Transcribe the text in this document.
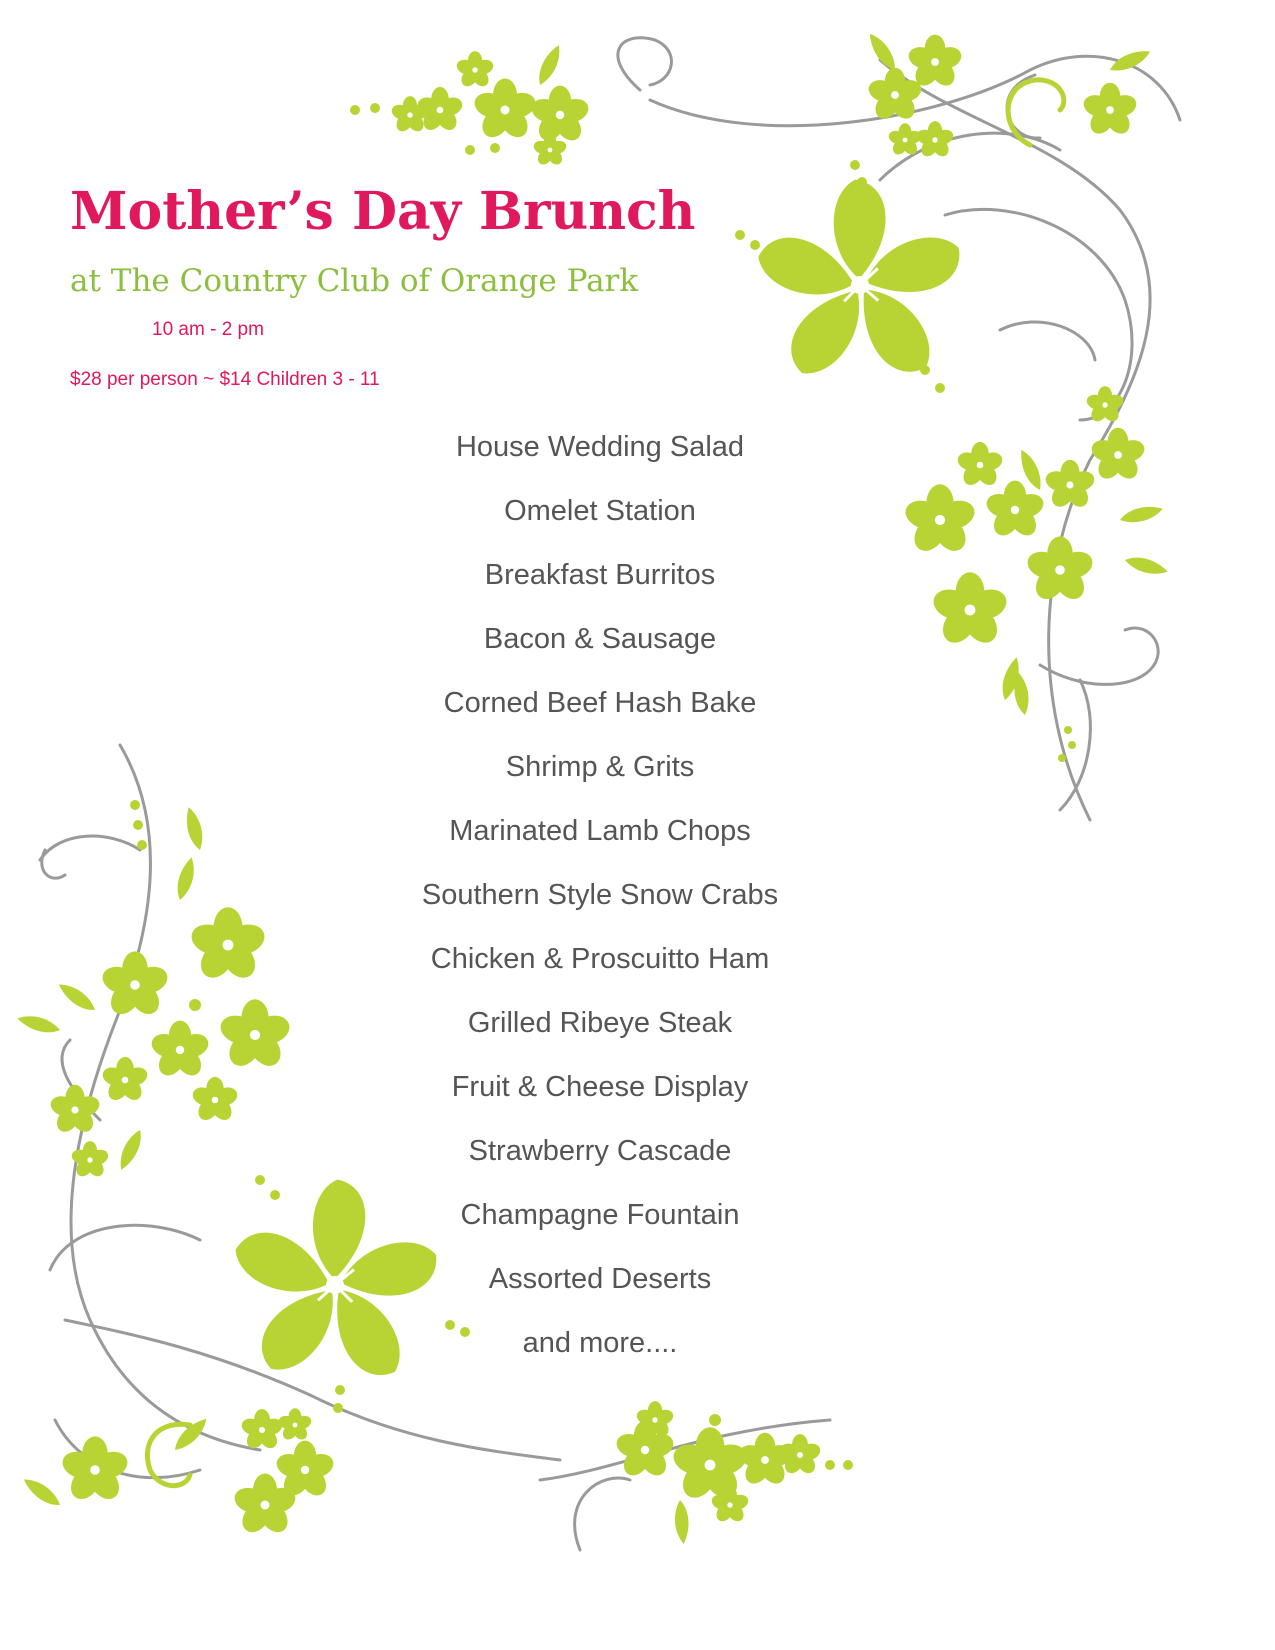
Mother’s Day Brunch
at The Country Club of Orange Park
10 am - 2 pm
$28 per person ~ $14 Children 3 - 11
House Wedding Salad
Omelet Station
Breakfast Burritos
Bacon & Sausage
Corned Beef Hash Bake
Shrimp & Grits
Marinated Lamb Chops
Southern Style Snow Crabs
Chicken & Proscuitto Ham
Grilled Ribeye Steak
Fruit & Cheese Display
Strawberry Cascade
Champagne Fountain
Assorted Deserts
and more....
